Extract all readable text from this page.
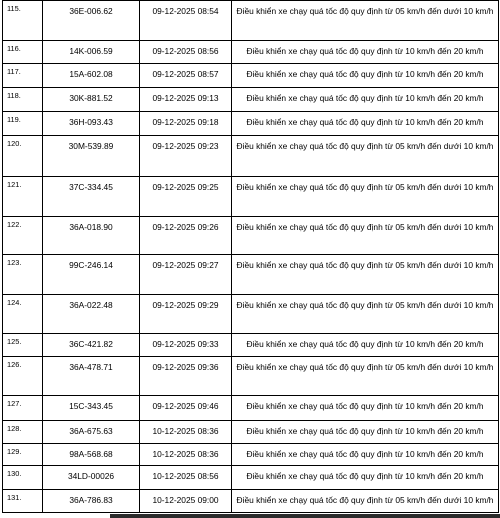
115.	36E-006.62	09-12-2025 08:54	Điều khiển xe chạy quá tốc độ quy định từ 05 km/h đến dưới 10 km/h
116.	14K-006.59	09-12-2025 08:56	Điều khiển xe chạy quá tốc độ quy định từ 10 km/h đến 20 km/h
117.	15A-602.08	09-12-2025 08:57	Điều khiển xe chạy quá tốc độ quy định từ 10 km/h đến 20 km/h
118.	30K-881.52	09-12-2025 09:13	Điều khiển xe chạy quá tốc độ quy định từ 10 km/h đến 20 km/h
119.	36H-093.43	09-12-2025 09:18	Điều khiển xe chạy quá tốc độ quy định từ 10 km/h đến 20 km/h
120.	30M-539.89	09-12-2025 09:23	Điều khiển xe chạy quá tốc độ quy định từ 05 km/h đến dưới 10 km/h
121.	37C-334.45	09-12-2025 09:25	Điều khiển xe chạy quá tốc độ quy định từ 05 km/h đến dưới 10 km/h
122.	36A-018.90	09-12-2025 09:26	Điều khiển xe chạy quá tốc độ quy định từ 05 km/h đến dưới 10 km/h
123.	99C-246.14	09-12-2025 09:27	Điều khiển xe chạy quá tốc độ quy định từ 05 km/h đến dưới 10 km/h
124.	36A-022.48	09-12-2025 09:29	Điều khiển xe chạy quá tốc độ quy định từ 05 km/h đến dưới 10 km/h
125.	36C-421.82	09-12-2025 09:33	Điều khiển xe chạy quá tốc độ quy định từ 10 km/h đến 20 km/h
126.	36A-478.71	09-12-2025 09:36	Điều khiển xe chạy quá tốc độ quy định từ 05 km/h đến dưới 10 km/h
127.	15C-343.45	09-12-2025 09:46	Điều khiển xe chạy quá tốc độ quy định từ 10 km/h đến 20 km/h
128.	36A-675.63	10-12-2025 08:36	Điều khiển xe chạy quá tốc độ quy định từ 10 km/h đến 20 km/h
129.	98A-568.68	10-12-2025 08:36	Điều khiển xe chạy quá tốc độ quy định từ 10 km/h đến 20 km/h
130.	34LD-00026	10-12-2025 08:56	Điều khiển xe chạy quá tốc độ quy định từ 10 km/h đến 20 km/h
131.	36A-786.83	10-12-2025 09:00	Điều khiển xe chạy quá tốc độ quy định từ 05 km/h đến dưới 10 km/h
